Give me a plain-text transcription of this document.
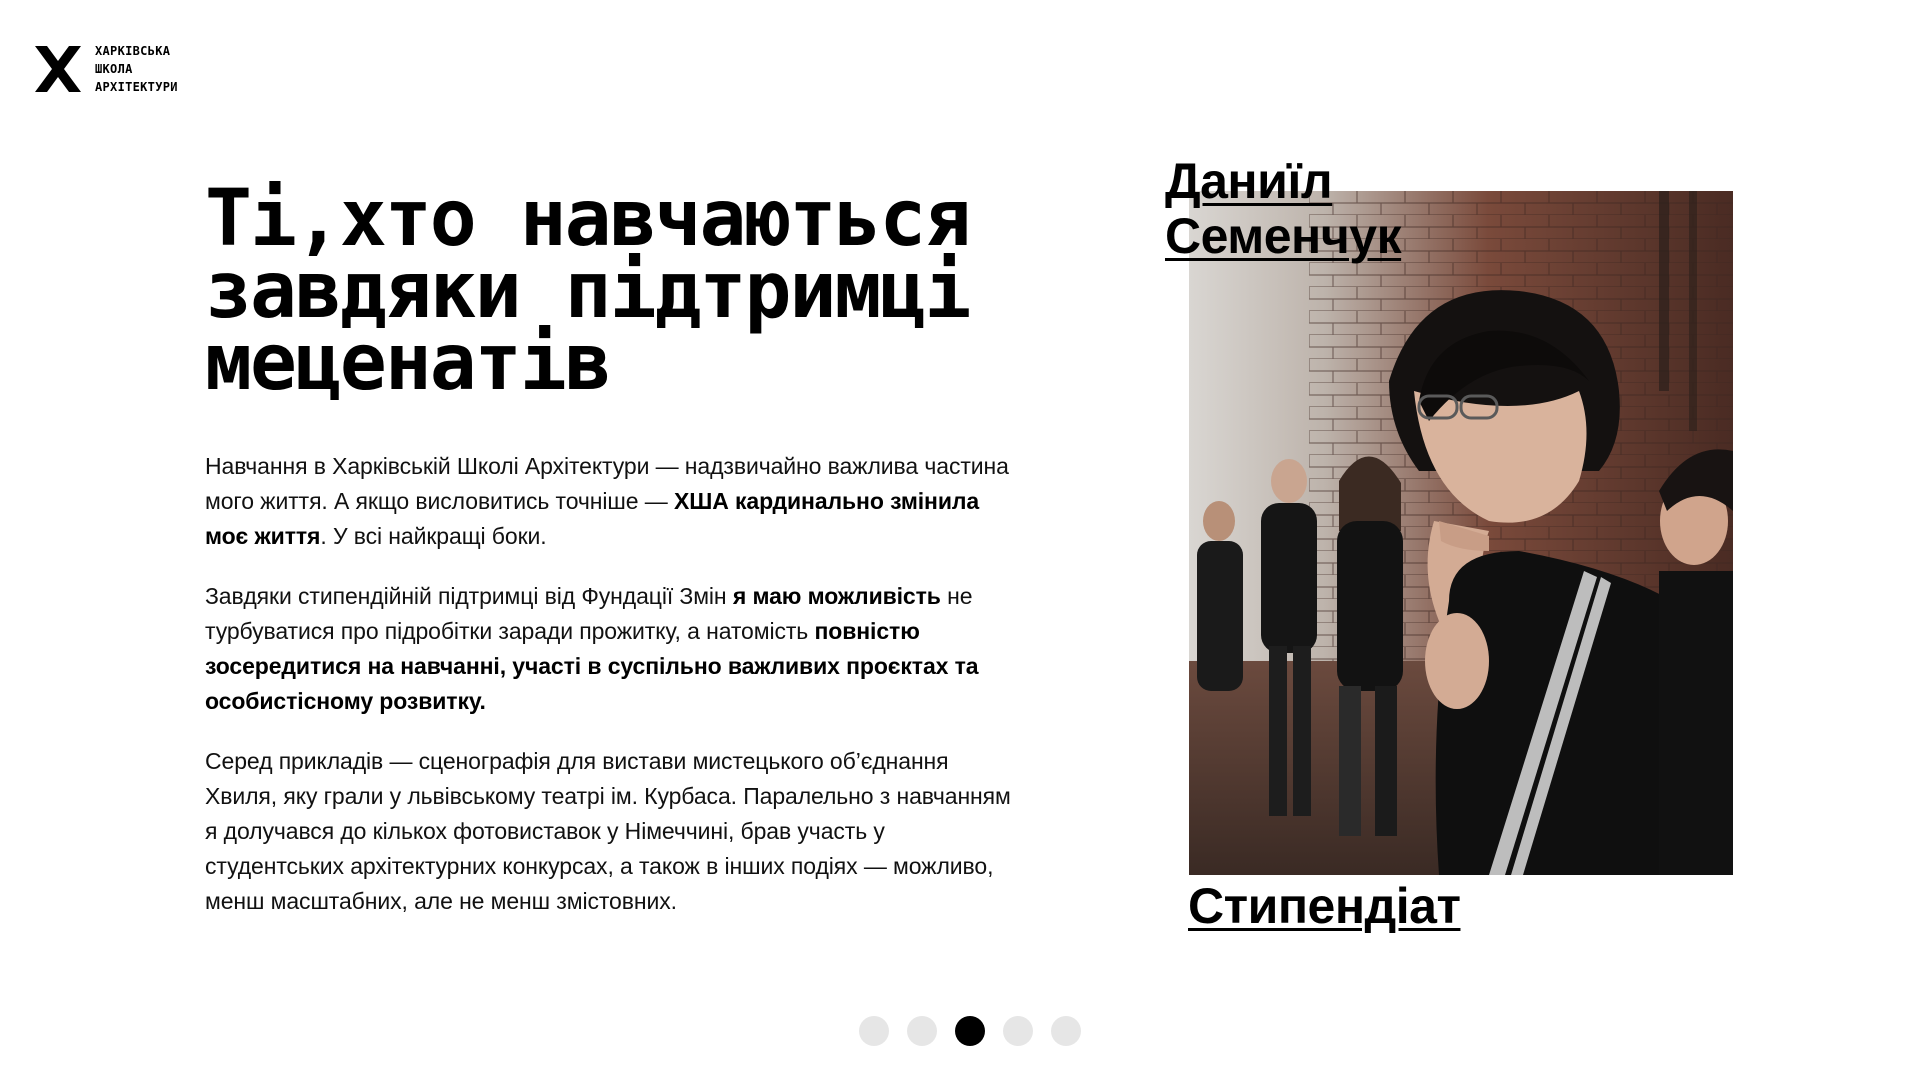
ХАРКІВСЬКА
ШКОЛА
АРХІТЕКТУРИ
Ті,хто навчаються
завдяки підтримці
меценатів

Навчання в Харківській Школі Архітектури — надзвичайно важлива частина мого життя. А якщо висловитись точніше — ХША кардинально змінила моє життя. У всі найкращі боки.

Завдяки стипендійній підтримці від Фундації Змін я маю можливість не турбуватися про підробітки заради прожитку, а натомість повністю зосередитися на навчанні, участі в суспільно важливих проєктах та особистісному розвитку.

Серед прикладів — сценографія для вистави мистецького об’єднання Хвиля, яку грали у львівському театрі ім. Курбаса. Паралельно з навчанням я долучався до кількох фотовиставок у Німеччині, брав участь у студентських архітектурних конкурсах, а також в інших подіях — можливо, менш масштабних, але не менш змістовних.

Даниїл
Семенчук
Стипендіат
